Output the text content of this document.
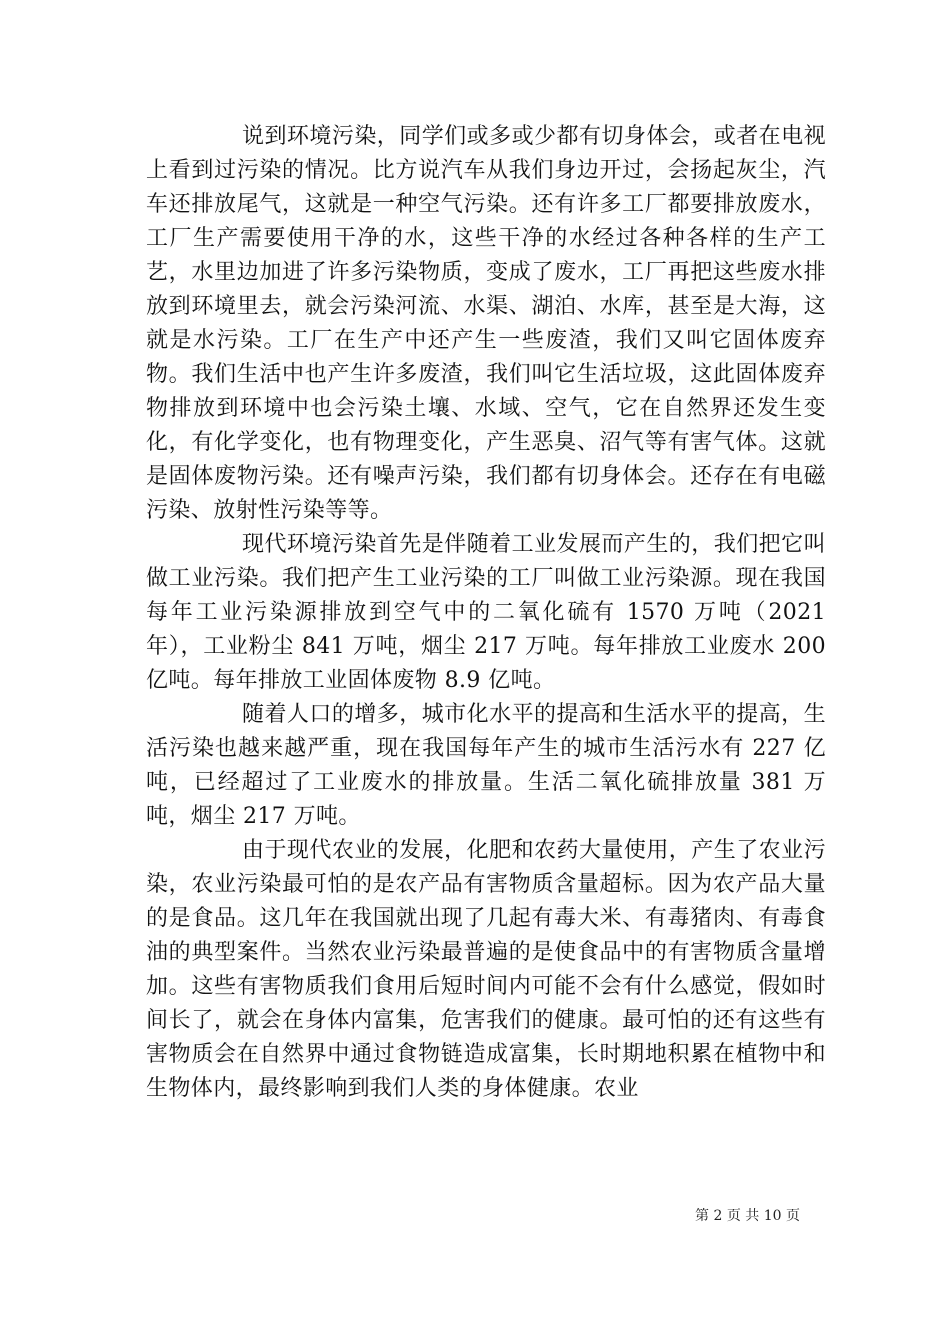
说到环境污染，同学们或多或少都有切身体会，或者在电视上看到过污染的情况。比方说汽车从我们身边开过，会扬起灰尘，汽车还排放尾气，这就是一种空气污染。还有许多工厂都要排放废水，工厂生产需要使用干净的水，这些干净的水经过各种各样的生产工艺，水里边加进了许多污染物质，变成了废水，工厂再把这些废水排放到环境里去，就会污染河流、水渠、湖泊、水库，甚至是大海，这就是水污染。工厂在生产中还产生一些废渣，我们又叫它固体废弃物。我们生活中也产生许多废渣，我们叫它生活垃圾，这此固体废弃物排放到环境中也会污染土壤、水域、空气，它在自然界还发生变化，有化学变化，也有物理变化，产生恶臭、沼气等有害气体。这就是固体废物污染。还有噪声污染，我们都有切身体会。还存在有电磁污染、放射性污染等等。

现代环境污染首先是伴随着工业发展而产生的，我们把它叫做工业污染。我们把产生工业污染的工厂叫做工业污染源。现在我国每年工业污染源排放到空气中的二氧化硫有 1570 万吨（2021 年），工业粉尘 841 万吨，烟尘 217 万吨。每年排放工业废水 200 亿吨。每年排放工业固体废物 8.9 亿吨。

随着人口的增多，城市化水平的提高和生活水平的提高，生活污染也越来越严重，现在我国每年产生的城市生活污水有 227 亿吨，已经超过了工业废水的排放量。生活二氧化硫排放量 381 万吨，烟尘 217 万吨。

由于现代农业的发展，化肥和农药大量使用，产生了农业污染，农业污染最可怕的是农产品有害物质含量超标。因为农产品大量的是食品。这几年在我国就出现了几起有毒大米、有毒猪肉、有毒食油的典型案件。当然农业污染最普遍的是使食品中的有害物质含量增加。这些有害物质我们食用后短时间内可能不会有什么感觉，假如时间长了，就会在身体内富集，危害我们的健康。最可怕的还有这些有害物质会在自然界中通过食物链造成富集，长时期地积累在植物中和生物体内，最终影响到我们人类的身体健康。农业

第 2 页 共 10 页
